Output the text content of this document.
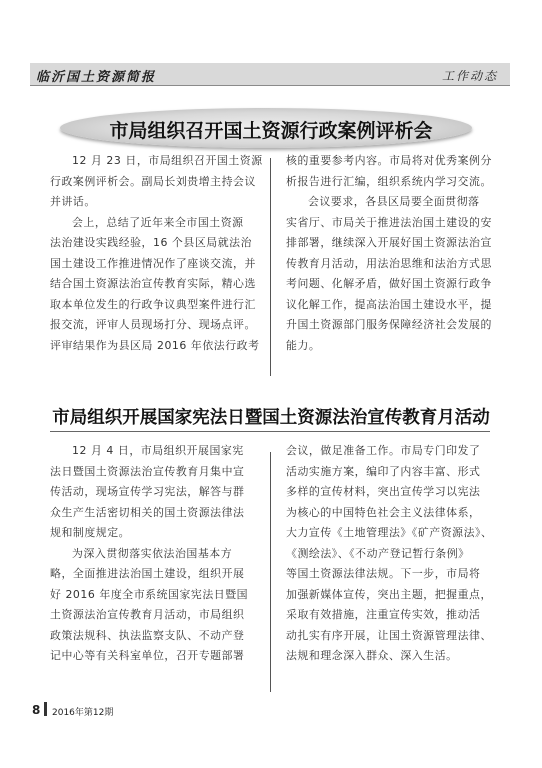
临沂国土资源简报	工作动态
市局组织召开国土资源行政案例评析会

12 月 23 日，市局组织召开国土资源

行政案例评析会。副局长刘贵增主持会议

并讲话。

会上，总结了近年来全市国土资源

法治建设实践经验，16 个县区局就法治

国土建设工作推进情况作了座谈交流，并

结合国土资源法治宣传教育实际，精心选

取本单位发生的行政争议典型案件进行汇

报交流，评审人员现场打分、现场点评。

评审结果作为县区局 2016 年依法行政考

核的重要参考内容。市局将对优秀案例分

析报告进行汇编，组织系统内学习交流。

会议要求，各县区局要全面贯彻落

实省厅、市局关于推进法治国土建设的安

排部署，继续深入开展好国土资源法治宣

传教育月活动，用法治思维和法治方式思

考问题、化解矛盾，做好国土资源行政争

议化解工作，提高法治国土建设水平，提

升国土资源部门服务保障经济社会发展的

能力。

市局组织开展国家宪法日暨国土资源法治宣传教育月活动

12 月 4 日，市局组织开展国家宪

法日暨国土资源法治宣传教育月集中宣

传活动，现场宣传学习宪法，解答与群

众生产生活密切相关的国土资源法律法

规和制度规定。

为深入贯彻落实依法治国基本方

略，全面推进法治国土建设，组织开展

好 2016 年度全市系统国家宪法日暨国

土资源法治宣传教育月活动，市局组织

政策法规科、执法监察支队、不动产登

记中心等有关科室单位，召开专题部署

会议，做足准备工作。市局专门印发了

活动实施方案，编印了内容丰富、形式

多样的宣传材料，突出宣传学习以宪法

为核心的中国特色社会主义法律体系，

大力宣传《土地管理法》《矿产资源法》、

《测绘法》、《不动产登记暂行条例》

等国土资源法律法规。下一步，市局将

加强新媒体宣传，突出主题，把握重点，

采取有效措施，注重宣传实效，推动活

动扎实有序开展，让国土资源管理法律、

法规和理念深入群众、深入生活。

8 2016年第12期
